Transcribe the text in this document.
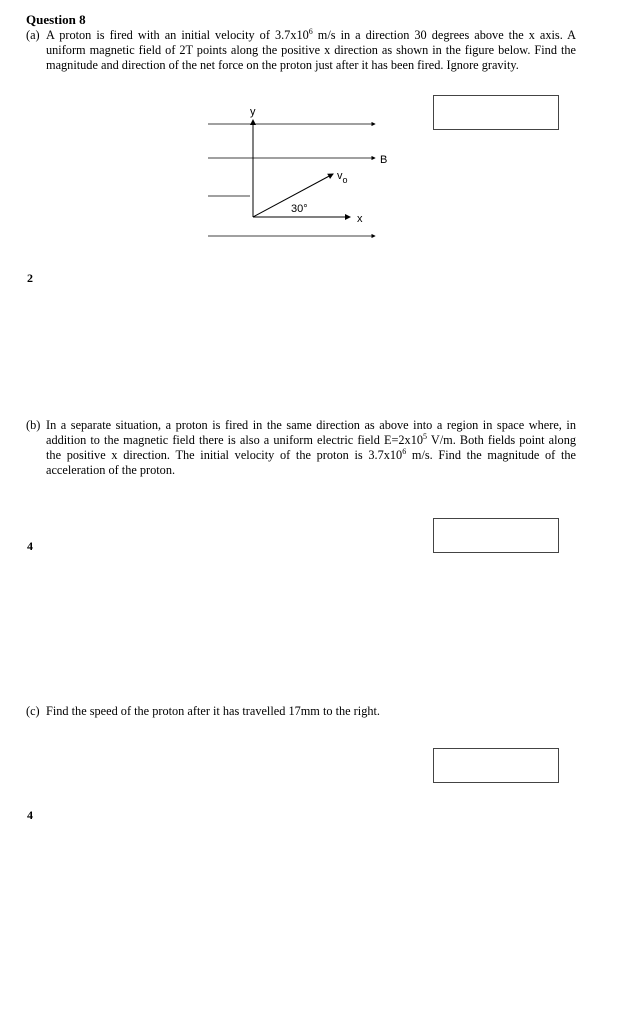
Question 8
(a) A proton is fired with an initial velocity of $3.7x10^6$ m/s in a direction 30 degrees above the x axis. A uniform magnetic field of 2T points along the positive x direction as shown in the figure below. Find the magnitude and direction of the net force on the proton just after it has been fired. Ignore gravity.
y
B
$v_o$
30°
x
2
(b) In a separate situation, a proton is fired in the same direction as above into a region in space where, in addition to the magnetic field there is also a uniform electric field $E=2x10^5$ V/m. Both fields point along the positive x direction. The initial velocity of the proton is $3.7x10^6$ m/s. Find the magnitude of the acceleration of the proton.
4
(c) Find the speed of the proton after it has travelled 17mm to the right.
4
